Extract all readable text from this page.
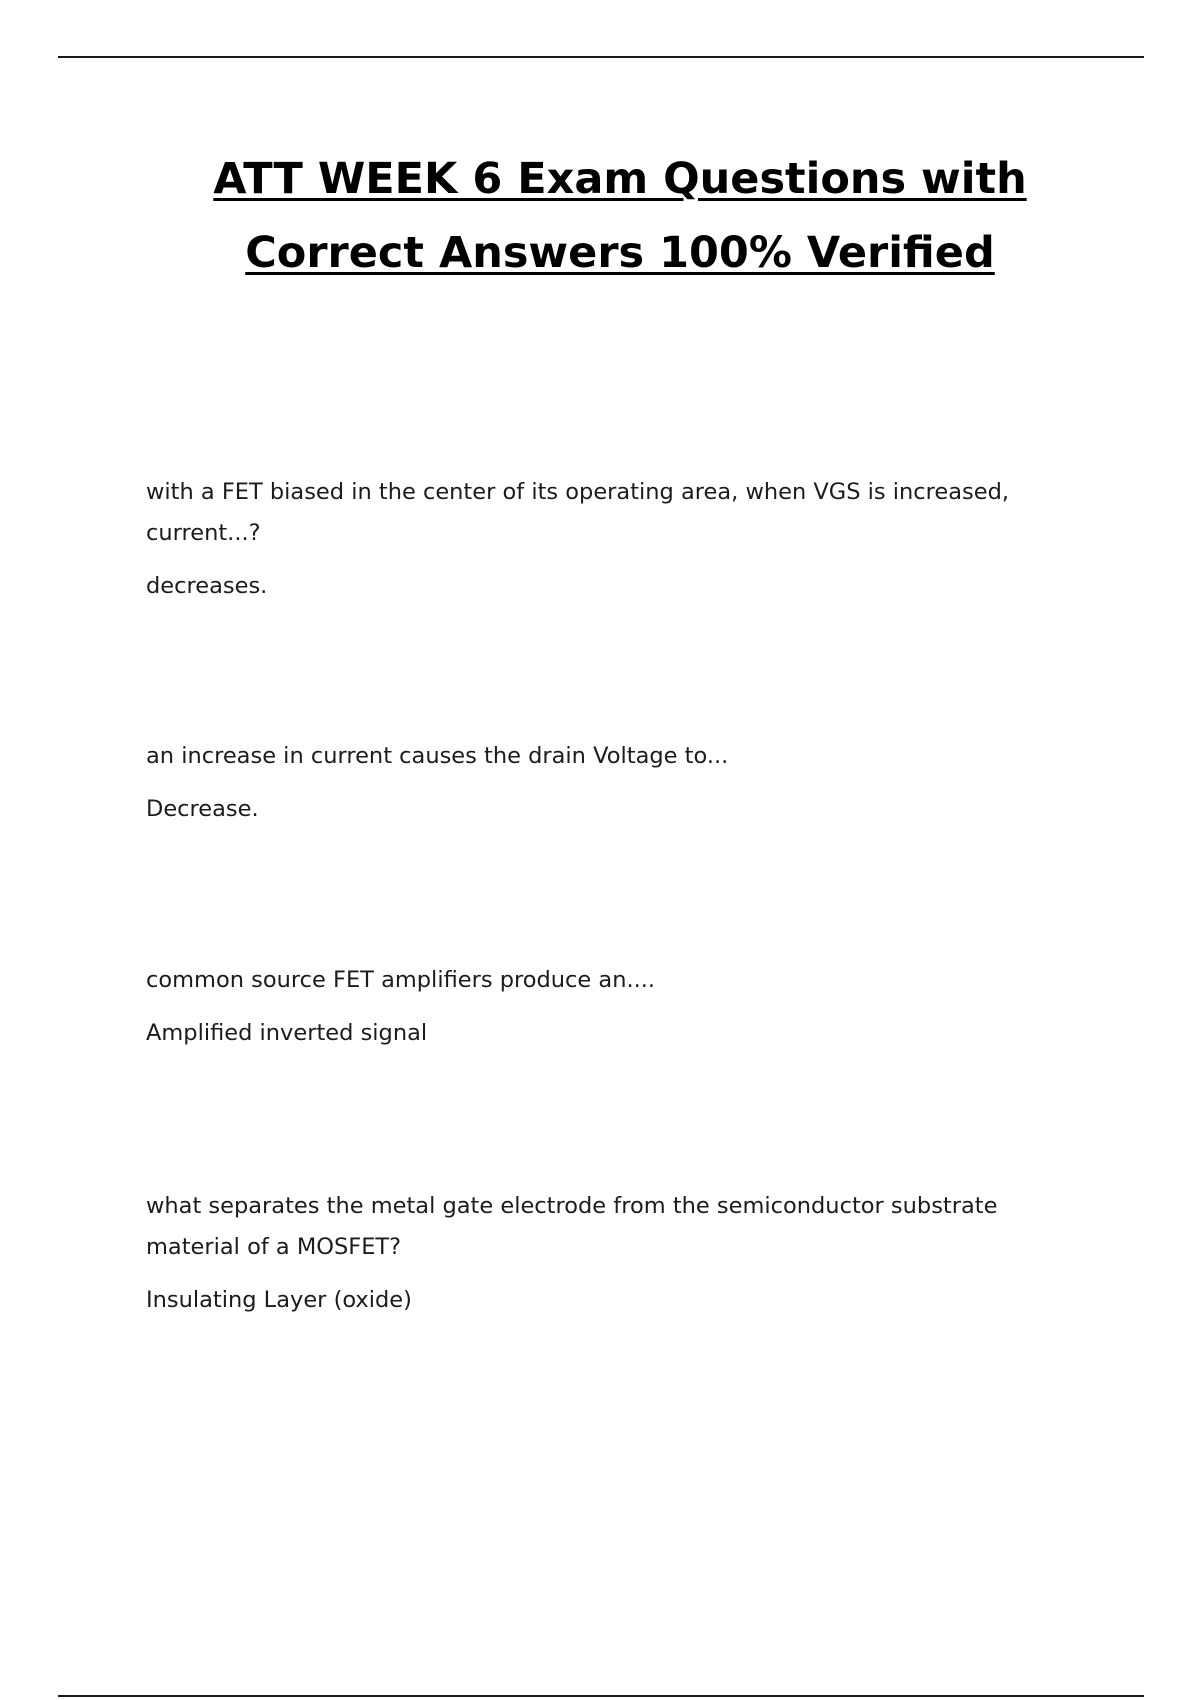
ATT WEEK 6 Exam Questions with
Correct Answers 100% Verified

with a FET biased in the center of its operating area, when VGS is increased, current...?

decreases.

an increase in current causes the drain Voltage to...

Decrease.

common source FET amplifiers produce an....

Amplified inverted signal

what separates the metal gate electrode from the semiconductor substrate material of a MOSFET?

Insulating Layer (oxide)
